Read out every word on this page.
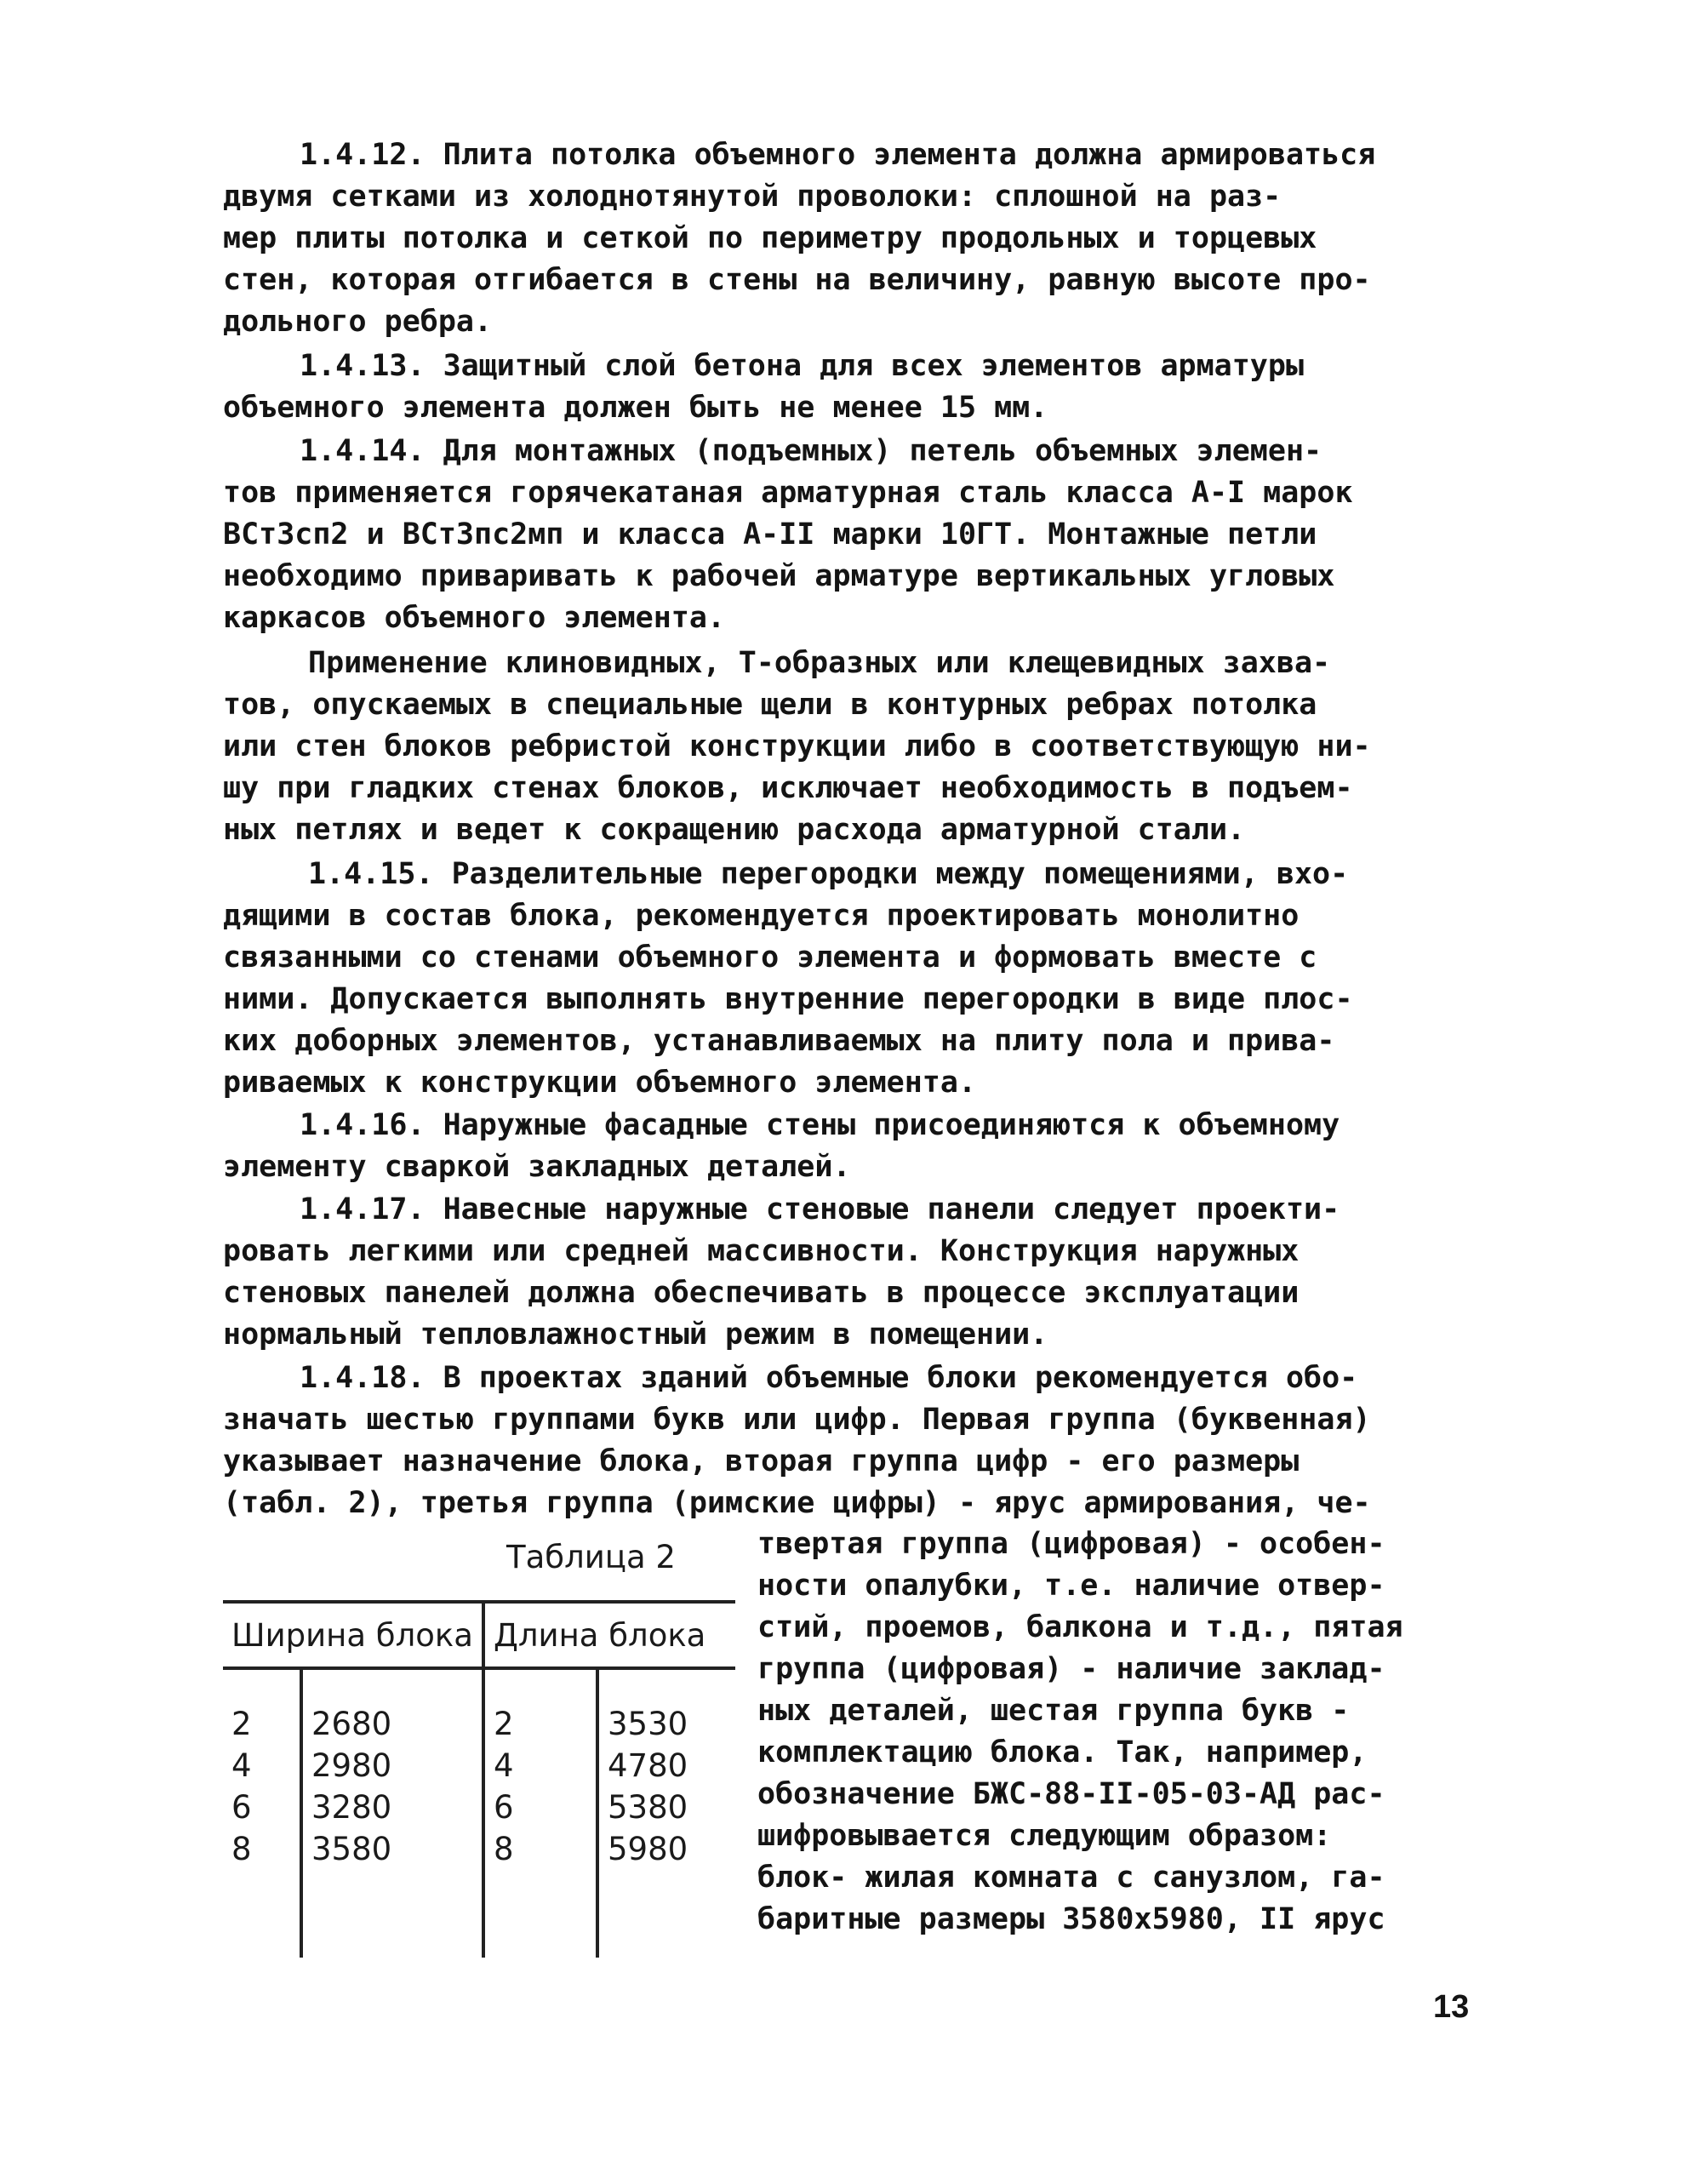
1.4.12. Плита потолка объемного элемента должна армироваться
двумя сетками из холоднотянутой проволоки: сплошной на раз-
мер плиты потолка и сеткой по периметру продольных и торцевых
стен, которая отгибается в стены на величину, равную высоте про-
дольного ребра.
1.4.13. Защитный слой бетона для всех элементов арматуры
объемного элемента должен быть не менее 15 мм.
1.4.14. Для монтажных (подъемных) петель объемных элемен-
тов применяется горячекатаная арматурная сталь класса A-I марок
ВСт3сп2 и ВСт3пс2мп и класса A-II марки 10ГТ. Монтажные петли
необходимо приваривать к рабочей арматуре вертикальных угловых
каркасов объемного элемента.
Применение клиновидных, Т-образных или клещевидных захва-
тов, опускаемых в специальные щели в контурных ребрах потолка
или стен блоков ребристой конструкции либо в соответствующую ни-
шу при гладких стенах блоков, исключает необходимость в подъем-
ных петлях и ведет к сокращению расхода арматурной стали.
1.4.15. Разделительные перегородки между помещениями, вхо-
дящими в состав блока, рекомендуется проектировать монолитно
связанными со стенами объемного элемента и формовать вместе с
ними. Допускается выполнять внутренние перегородки в виде плос-
ких доборных элементов, устанавливаемых на плиту пола и прива-
риваемых к конструкции объемного элемента.
1.4.16. Наружные фасадные стены присоединяются к объемному
элементу сваркой закладных деталей.
1.4.17. Навесные наружные стеновые панели следует проекти-
ровать легкими или средней массивности. Конструкция наружных
стеновых панелей должна обеспечивать в процессе эксплуатации
нормальный тепловлажностный режим в помещении.
1.4.18. В проектах зданий объемные блоки рекомендуется обо-
значать шестью группами букв или цифр. Первая группа (буквенная)
указывает назначение блока, вторая группа цифр - его размеры
(табл. 2), третья группа (римские цифры) - ярус армирования, че-
твертая группа (цифровая) - особен-
ности опалубки, т.е. наличие отвер-
стий, проемов, балкона и т.д., пятая
группа (цифровая) - наличие заклад-
ных деталей, шестая группа букв -
комплектацию блока. Так, например,
обозначение БЖС-88-II-05-03-АД рас-
шифровывается следующим образом:
блок- жилая комната с санузлом, га-
баритные размеры 3580x5980, II ярус
Таблица 2
Ширина блока		Длина блока	
2	2680	2	3530
4	2980	4	4780
6	3280	6	5380
8	3580	8	5980

13
